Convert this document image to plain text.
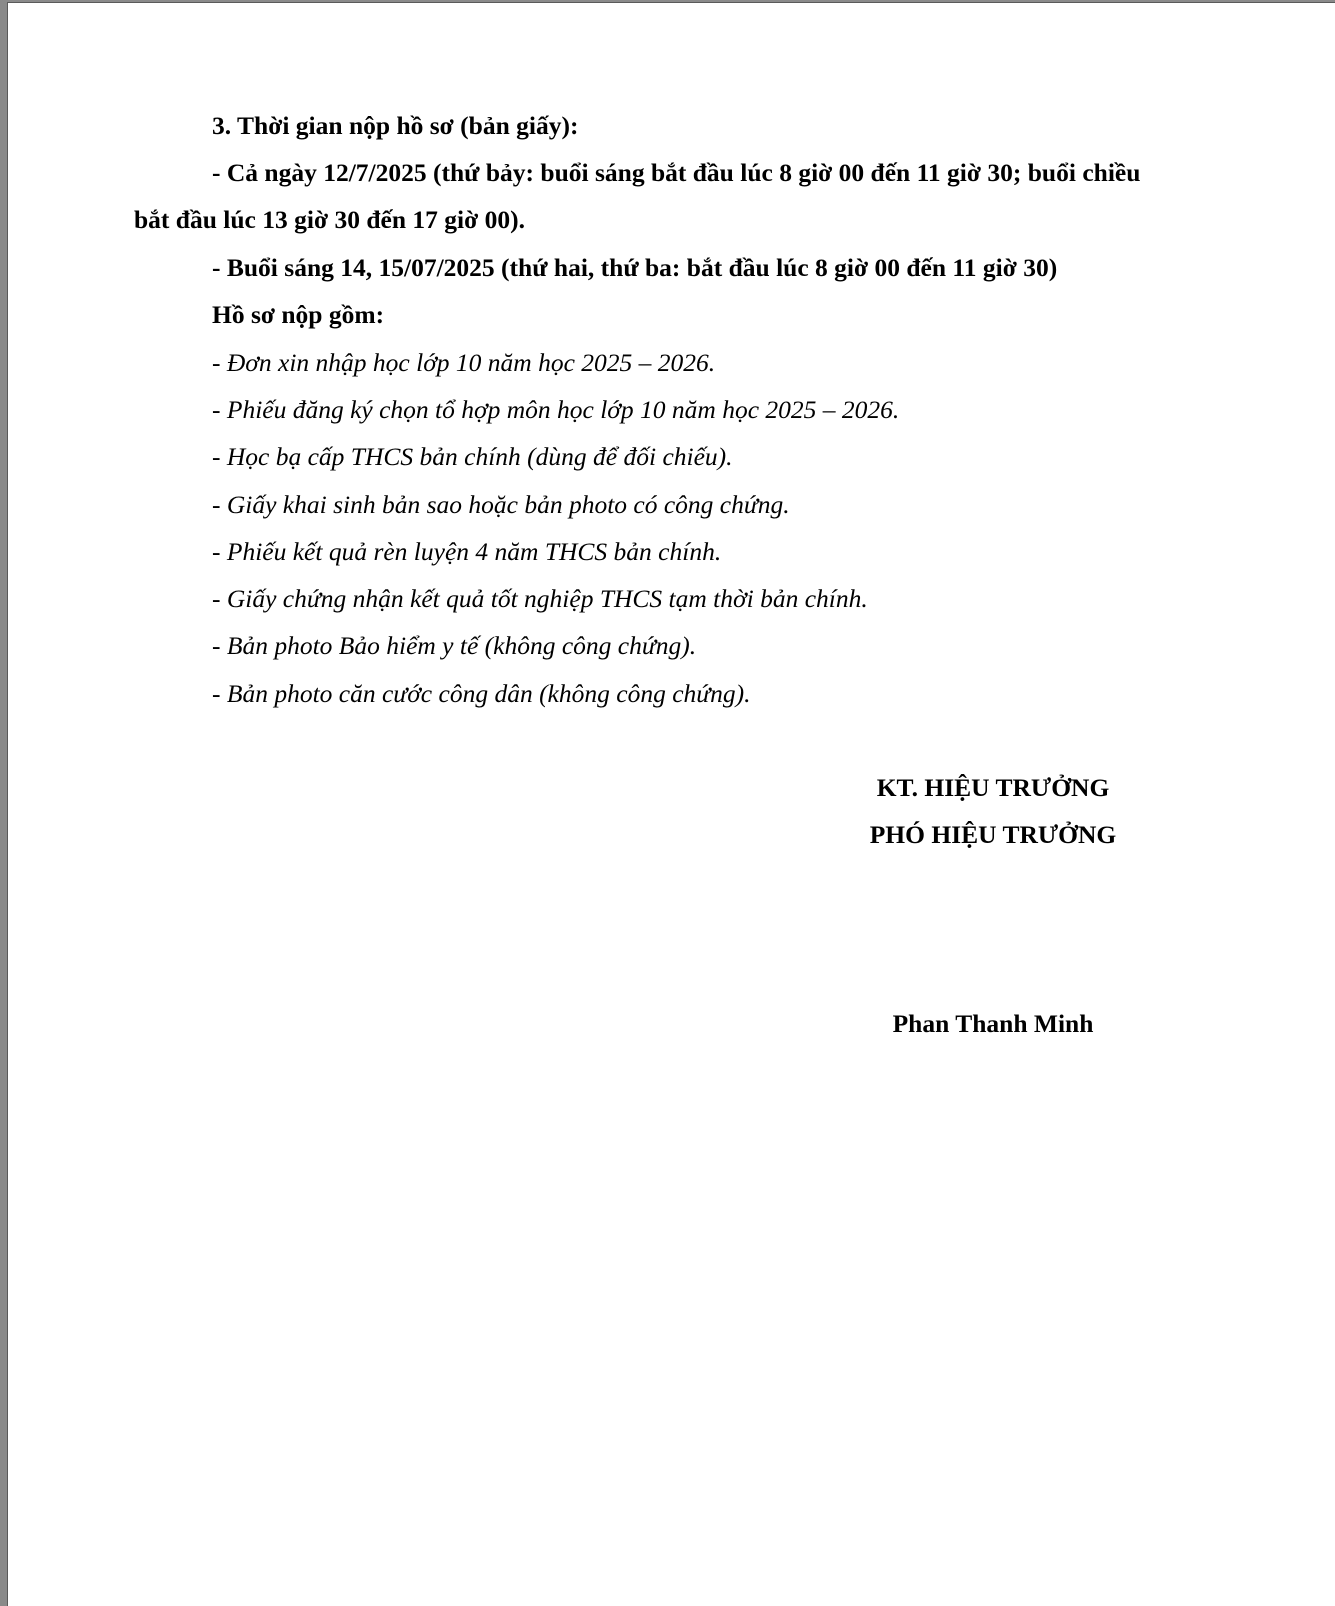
3. Thời gian nộp hồ sơ (bản giấy):
- Cả ngày 12/7/2025 (thứ bảy: buổi sáng bắt đầu lúc 8 giờ 00 đến 11 giờ 30; buổi chiều
bắt đầu lúc 13 giờ 30 đến 17 giờ 00).
- Buổi sáng 14, 15/07/2025 (thứ hai, thứ ba: bắt đầu lúc 8 giờ 00 đến 11 giờ 30)
Hồ sơ nộp gồm:
- Đơn xin nhập học lớp 10 năm học 2025 – 2026.
- Phiếu đăng ký chọn tổ hợp môn học lớp 10 năm học 2025 – 2026.
- Học bạ cấp THCS bản chính (dùng để đối chiếu).
- Giấy khai sinh bản sao hoặc bản photo có công chứng.
- Phiếu kết quả rèn luyện 4 năm THCS bản chính.
- Giấy chứng nhận kết quả tốt nghiệp THCS tạm thời bản chính.
- Bản photo Bảo hiểm y tế (không công chứng).
- Bản photo căn cước công dân (không công chứng).
KT. HIỆU TRƯỞNG
PHÓ HIỆU TRƯỞNG
Phan Thanh Minh
